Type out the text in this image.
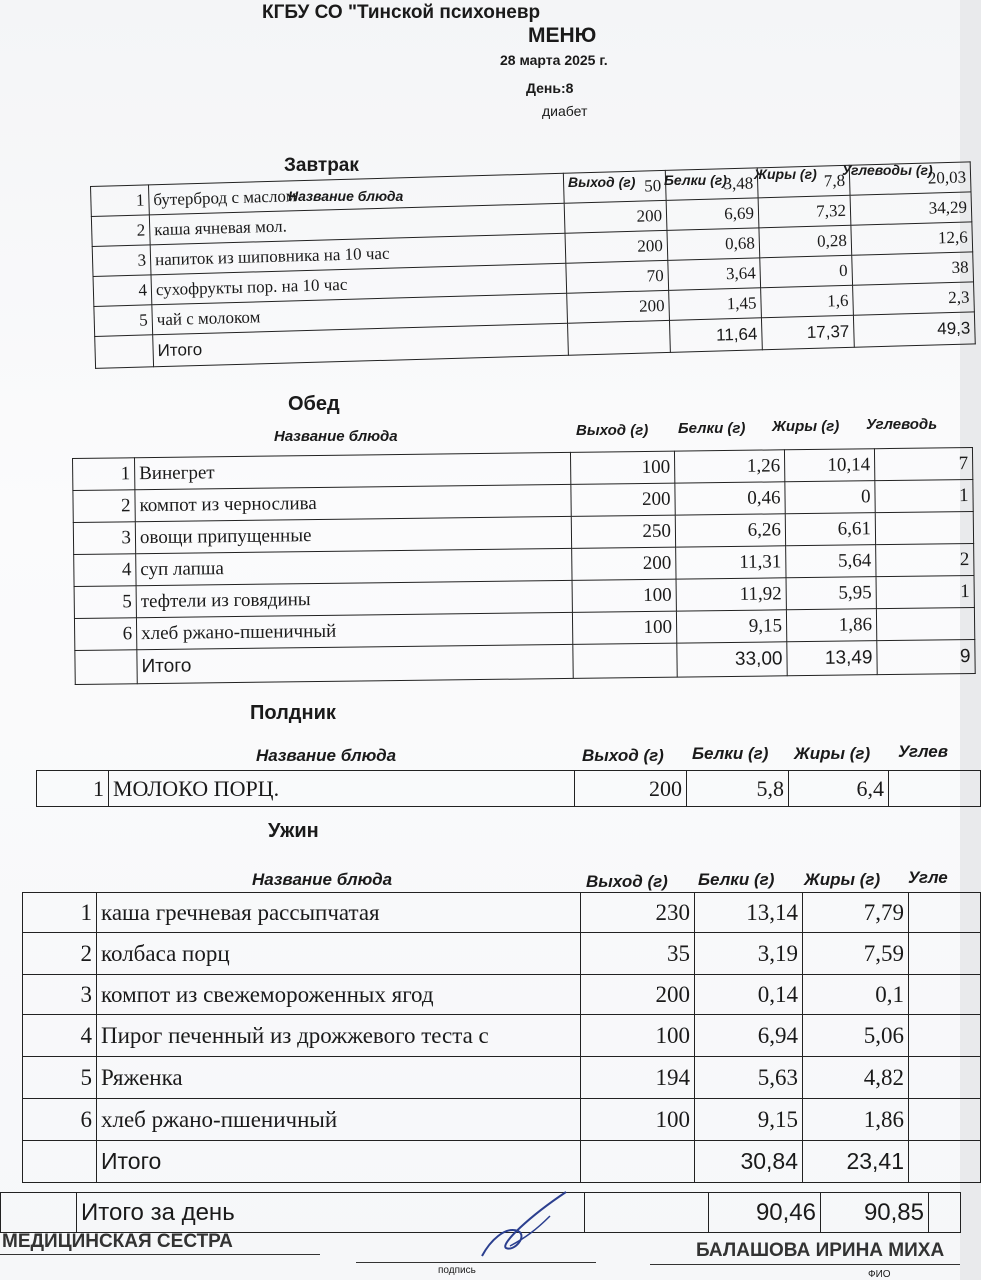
КГБУ СО "Тинской психоневр
МЕНЮ
28 марта 2025 г.
День:8
диабет
Завтрак
Название блюда
Выход (г) Белки (г) Жиры (г) Углеводы (г)
1	бутерброд с маслом	50	3,48	7,8	20,03
2	каша ячневая мол.	200	6,69	7,32	34,29
3	напиток из шиповника на 10 час	200	0,68	0,28	12,6
4	сухофрукты пор. на 10 час	70	3,64	0	38
5	чай с молоком	200	1,45	1,6	2,3
	Итого		11,64	17,37	49,3
Обед
Название блюда	Выход (г) Белки (г) Жиры (г) Углеводь
1	Винегрет	100	1,26	10,14	7
2	компот из чернослива	200	0,46	0	1
3	овощи припущенные	250	6,26	6,61	
4	суп лапша	200	11,31	5,64	2
5	тефтели из говядины	100	11,92	5,95	1
6	хлеб ржано-пшеничный	100	9,15	1,86	
	Итого		33,00	13,49	9
Полдник
Название блюда	Выход (г) Белки (г) Жиры (г) Углев
1	МОЛОКО ПОРЦ.	200	5,8	6,4	
Ужин
Название блюда	Выход (г) Белки (г) Жиры (г) Угле
1	каша гречневая рассыпчатая	230	13,14	7,79	
2	колбаса порц	35	3,19	7,59	
3	компот из свежемороженных ягод	200	0,14	0,1	
4	Пирог печенный из дрожжевого теста с	100	6,94	5,06	
5	Ряженка	194	5,63	4,82	
6	хлеб ржано-пшеничный	100	9,15	1,86	
	Итого		30,84	23,41	
	Итого за день		90,46	90,85	
МЕДИЦИНСКАЯ СЕСТРА
подпись
БАЛАШОВА ИРИНА МИХА
ФИО
